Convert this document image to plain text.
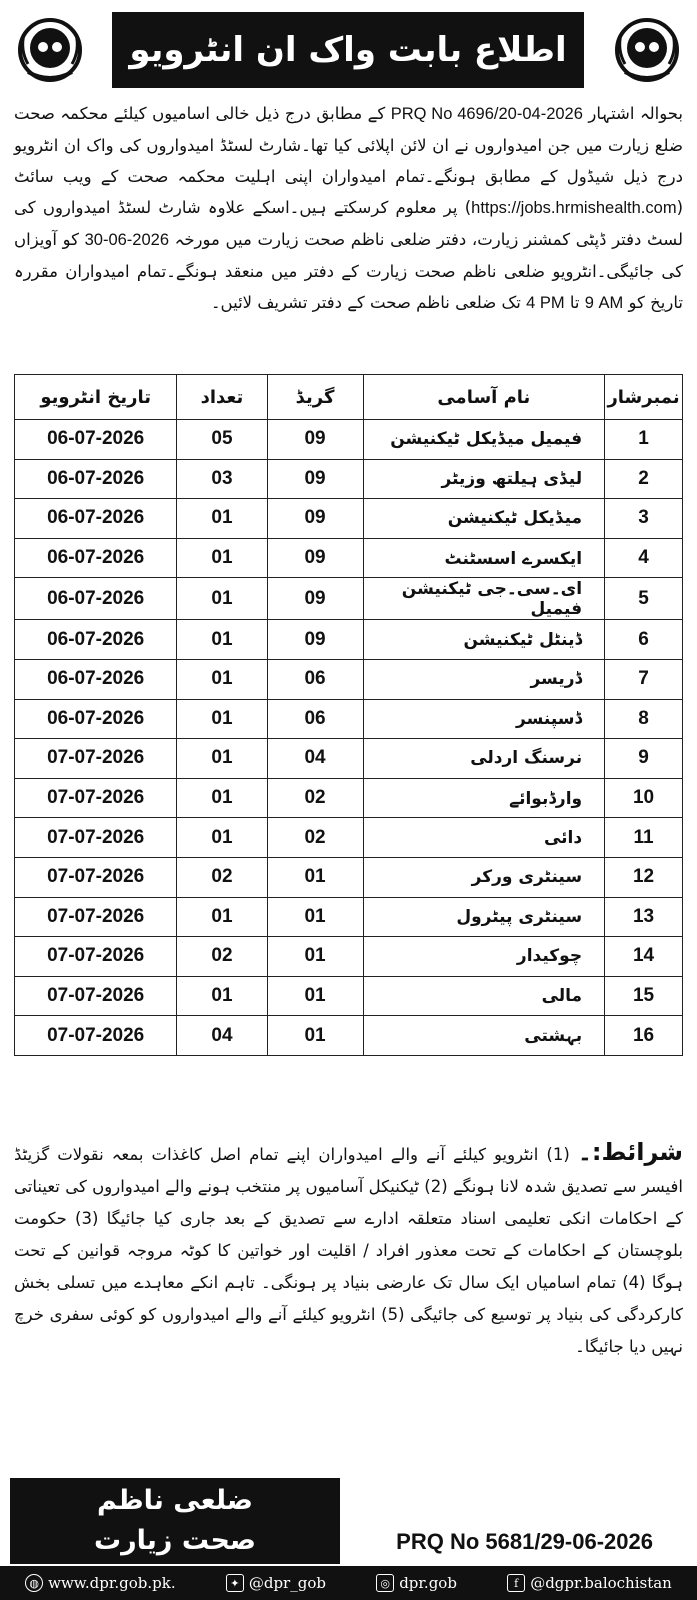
اطلاع بابت واک ان انٹرویو

بحوالہ اشتہار PRQ No 4696/20-04-2026 کے مطابق درج ذیل خالی اسامیوں کیلئے محکمہ صحت ضلع زیارت میں جن امیدواروں نے ان لائن اپلائی کیا تھا۔شارٹ لسٹڈ امیدواروں کی واک ان انٹرویو درج ذیل شیڈول کے مطابق ہونگے۔تمام امیدواران اپنی اہلیت محکمہ صحت کے ویب سائٹ (https://jobs.hrmishealth.com) پر معلوم کرسکتے ہیں۔اسکے علاوہ شارٹ لسٹڈ امیدواروں کی لسٹ دفتر ڈپٹی کمشنر زیارت، دفتر ضلعی ناظم صحت زیارت میں مورخہ 30-06-2026 کو آویزاں کی جائیگی۔انٹرویو ضلعی ناظم صحت زیارت کے دفتر میں منعقد ہونگے۔تمام امیدواران مقررہ تاریخ کو 9 AM تا 4 PM تک ضلعی ناظم صحت کے دفتر تشریف لائیں۔

نمبرشار	نام آسامی	گریڈ	تعداد	تاریخ انٹرویو
1	فیمیل میڈیکل ٹیکنیشن	09	05	06-07-2026
2	لیڈی ہیلتھ وزیٹر	09	03	06-07-2026
3	میڈیکل ٹیکنیشن	09	01	06-07-2026
4	ایکسرے اسسٹنٹ	09	01	06-07-2026
5	ای۔سی۔جی ٹیکنیشن فیمیل	09	01	06-07-2026
6	ڈینٹل ٹیکنیشن	09	01	06-07-2026
7	ڈریسر	06	01	06-07-2026
8	ڈسپنسر	06	01	06-07-2026
9	نرسنگ اردلی	04	01	07-07-2026
10	وارڈبوائے	02	01	07-07-2026
11	دائی	02	01	07-07-2026
12	سینٹری ورکر	01	02	07-07-2026
13	سینٹری پیٹرول	01	01	07-07-2026
14	چوکیدار	01	02	07-07-2026
15	مالی	01	01	07-07-2026
16	بہشتی	01	04	07-07-2026

شرائط:۔ (1) انٹرویو کیلئے آنے والے امیدواران اپنے تمام اصل کاغذات بمعہ نقولات گزیٹڈ افیسر سے تصدیق شدہ لانا ہونگے (2) ٹیکنیکل آسامیوں پر منتخب ہونے والے امیدواروں کی تعیناتی کے احکامات انکی تعلیمی اسناد متعلقہ ادارے سے تصدیق کے بعد جاری کیا جائیگا (3) حکومت بلوچستان کے احکامات کے تحت معذور افراد / اقلیت اور خواتین کا کوٹہ مروجہ قوانین کے تحت ہوگا (4) تمام اسامیاں ایک سال تک عارضی بنیاد پر ہونگی۔ تاہم انکے معاہدے میں تسلی بخش کارکردگی کی بنیاد پر توسیع کی جائیگی (5) انٹرویو کیلئے آنے والے امیدواروں کو کوئی سفری خرچ نہیں دیا جائیگا۔

ضلعی ناظم
صحت زیارت	PRQ No 5681/29-06-2026
◍ www.dpr.gob.pk.	✦ @dpr_gob	◎ dpr.gob	f @dgpr.balochistan
